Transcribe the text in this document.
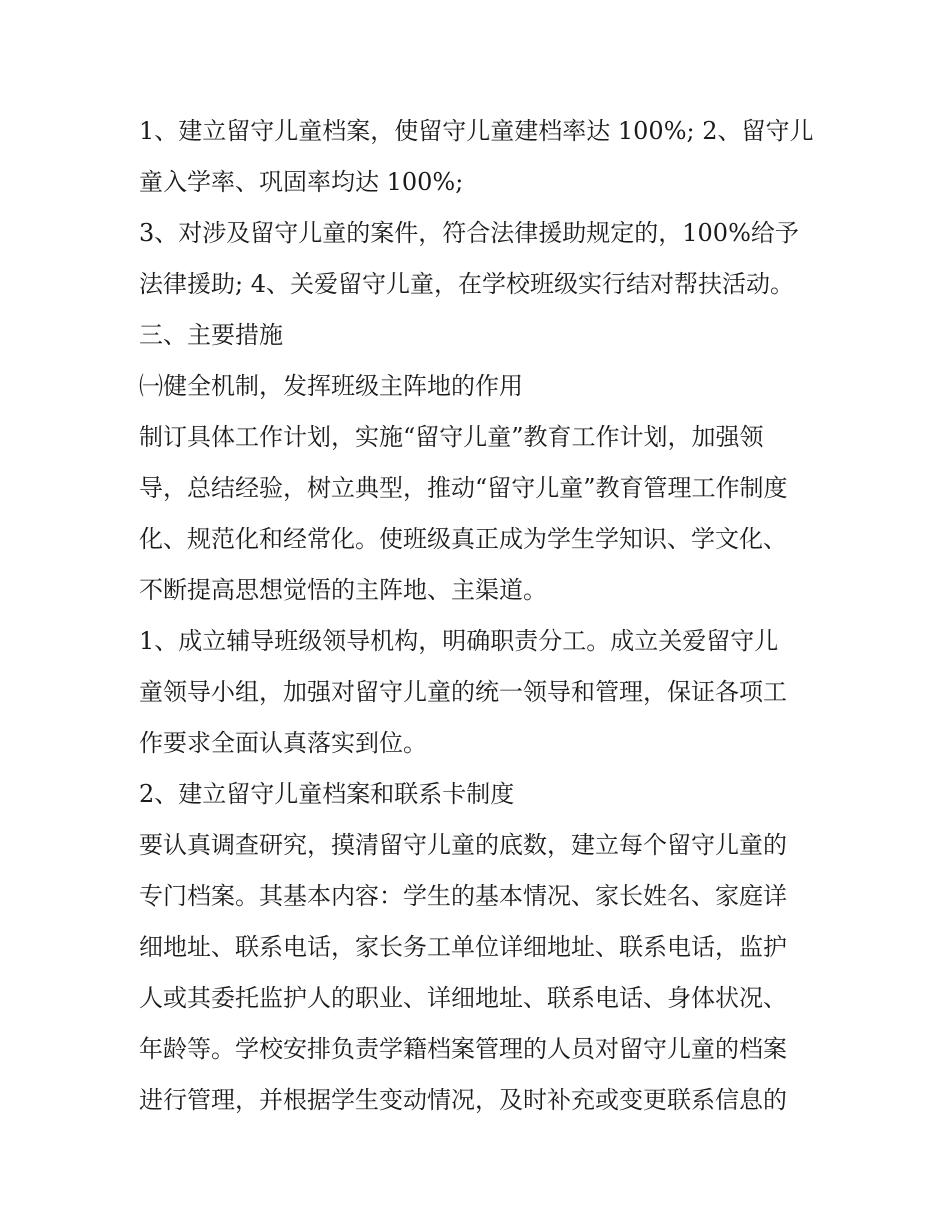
1、建立留守儿童档案，使留守儿童建档率达 100%; 2、留守儿

童入学率、巩固率均达 100%;

3、对涉及留守儿童的案件，符合法律援助规定的，100%给予

法律援助; 4、关爱留守儿童，在学校班级实行结对帮扶活动。

三、主要措施

㈠健全机制，发挥班级主阵地的作用

制订具体工作计划，实施“留守儿童”教育工作计划，加强领

导，总结经验，树立典型，推动“留守儿童”教育管理工作制度

化、规范化和经常化。使班级真正成为学生学知识、学文化、

不断提高思想觉悟的主阵地、主渠道。

1、成立辅导班级领导机构，明确职责分工。成立关爱留守儿

童领导小组，加强对留守儿童的统一领导和管理，保证各项工

作要求全面认真落实到位。

2、建立留守儿童档案和联系卡制度

要认真调查研究，摸清留守儿童的底数，建立每个留守儿童的

专门档案。其基本内容：学生的基本情况、家长姓名、家庭详

细地址、联系电话，家长务工单位详细地址、联系电话，监护

人或其委托监护人的职业、详细地址、联系电话、身体状况、

年龄等。学校安排负责学籍档案管理的人员对留守儿童的档案

进行管理，并根据学生变动情况，及时补充或变更联系信息的
